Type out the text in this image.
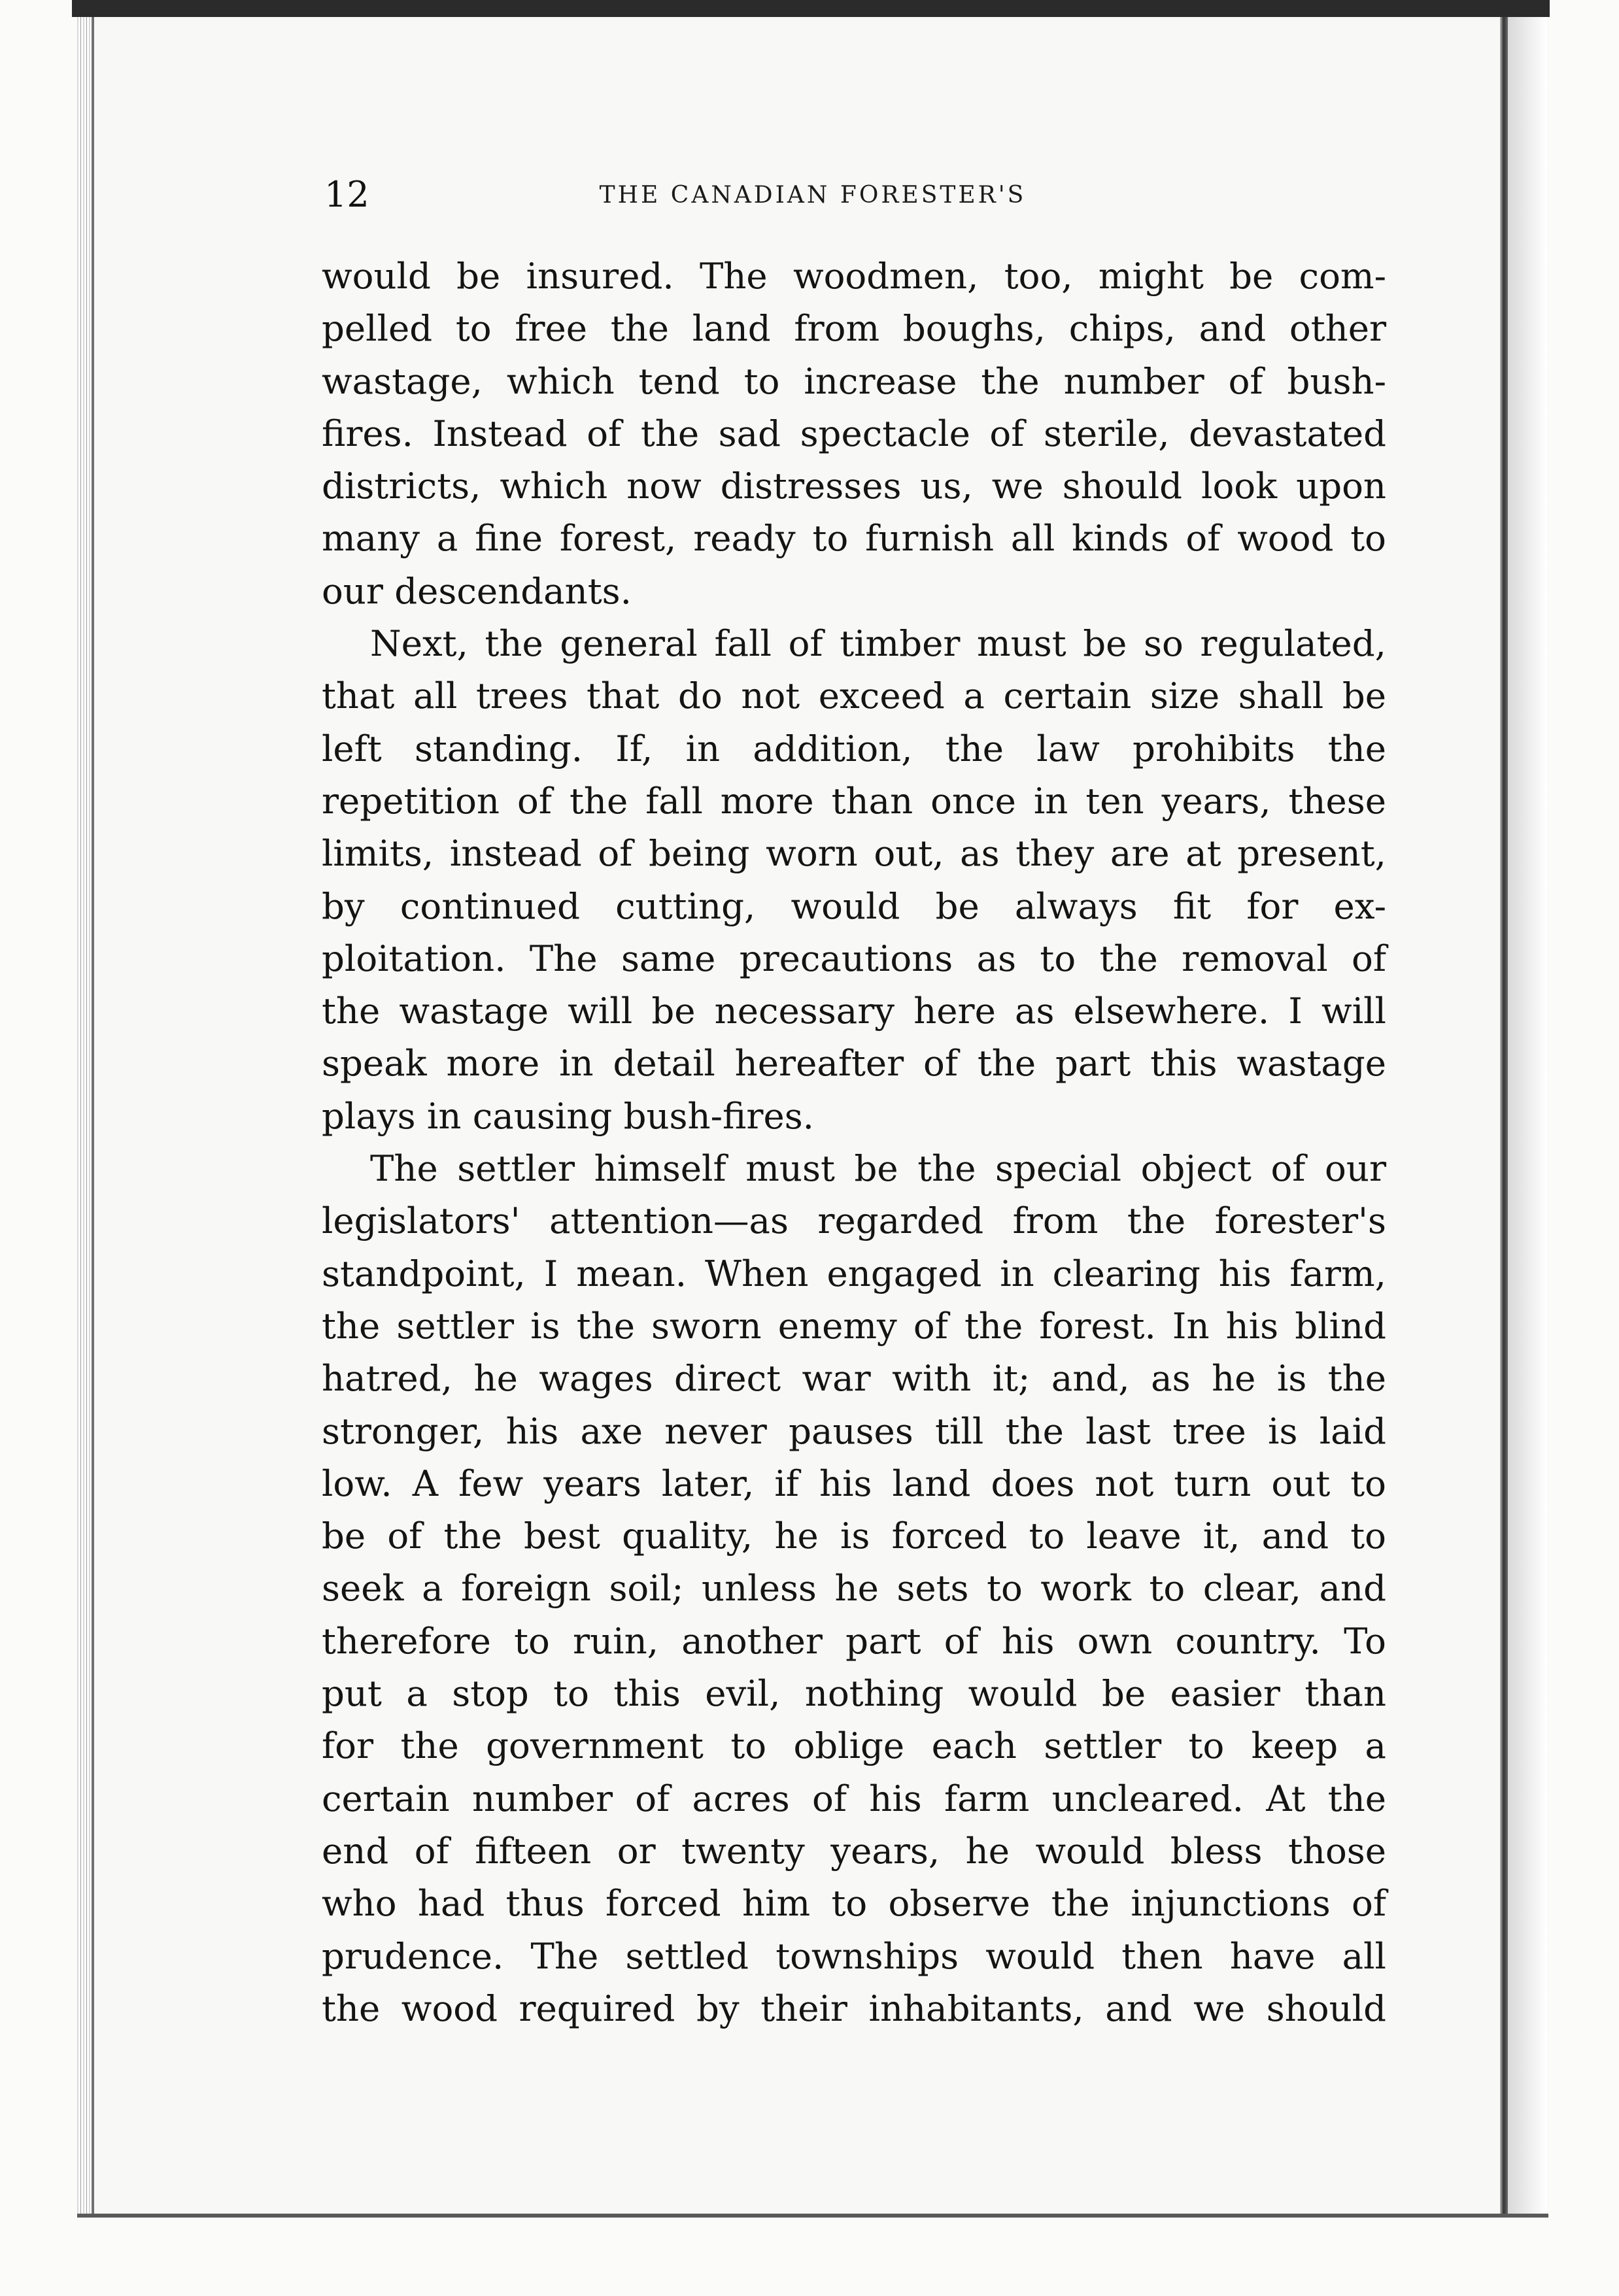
12	THE CANADIAN FORESTER'S
would be insured. The woodmen, too, might be com-
pelled to free the land from boughs, chips, and other
wastage, which tend to increase the number of bush-
fires. Instead of the sad spectacle of sterile, devastated
districts, which now distresses us, we should look upon
many a fine forest, ready to furnish all kinds of wood to
our descendants.
Next, the general fall of timber must be so regulated,
that all trees that do not exceed a certain size shall be
left standing. If, in addition, the law prohibits the
repetition of the fall more than once in ten years, these
limits, instead of being worn out, as they are at present,
by continued cutting, would be always fit for ex-
ploitation. The same precautions as to the removal of
the wastage will be necessary here as elsewhere. I will
speak more in detail hereafter of the part this wastage
plays in causing bush-fires.
The settler himself must be the special object of our
legislators' attention—as regarded from the forester's
standpoint, I mean. When engaged in clearing his farm,
the settler is the sworn enemy of the forest. In his blind
hatred, he wages direct war with it; and, as he is the
stronger, his axe never pauses till the last tree is laid
low. A few years later, if his land does not turn out to
be of the best quality, he is forced to leave it, and to
seek a foreign soil; unless he sets to work to clear, and
therefore to ruin, another part of his own country. To
put a stop to this evil, nothing would be easier than
for the government to oblige each settler to keep a
certain number of acres of his farm uncleared. At the
end of fifteen or twenty years, he would bless those
who had thus forced him to observe the injunctions of
prudence. The settled townships would then have all
the wood required by their inhabitants, and we should
